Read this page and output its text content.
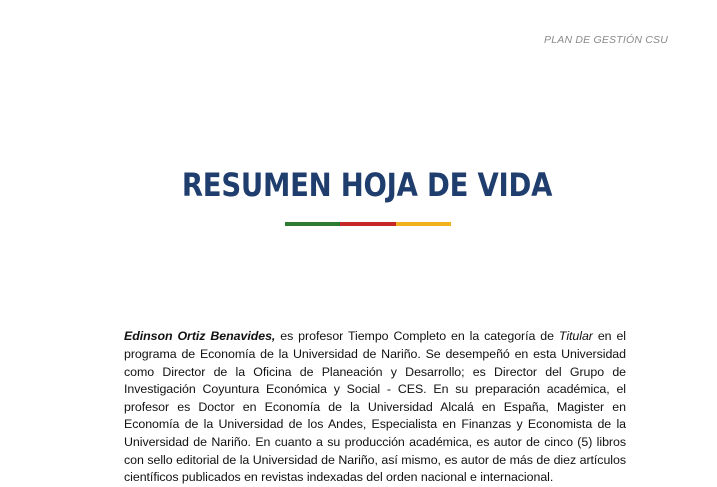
PLAN DE GESTIÓN CSU
RESUMEN HOJA DE VIDA

Edinson Ortiz Benavides, es profesor Tiempo Completo en la categoría de Titular en el programa de Economía de la Universidad de Nariño. Se desempeñó en esta Universidad como Director de la Oficina de Planeación y Desarrollo; es Director del Grupo de Investigación Coyuntura Económica y Social - CES. En su preparación académica, el profesor es Doctor en Economía de la Universidad Alcalá en España, Magister en Economía de la Universidad de los Andes, Especialista en Finanzas y Economista de la Universidad de Nariño. En cuanto a su producción académica, es autor de cinco (5) libros con sello editorial de la Universidad de Nariño, así mismo, es autor de más de diez artículos científicos publicados en revistas indexadas del orden nacional e internacional.
